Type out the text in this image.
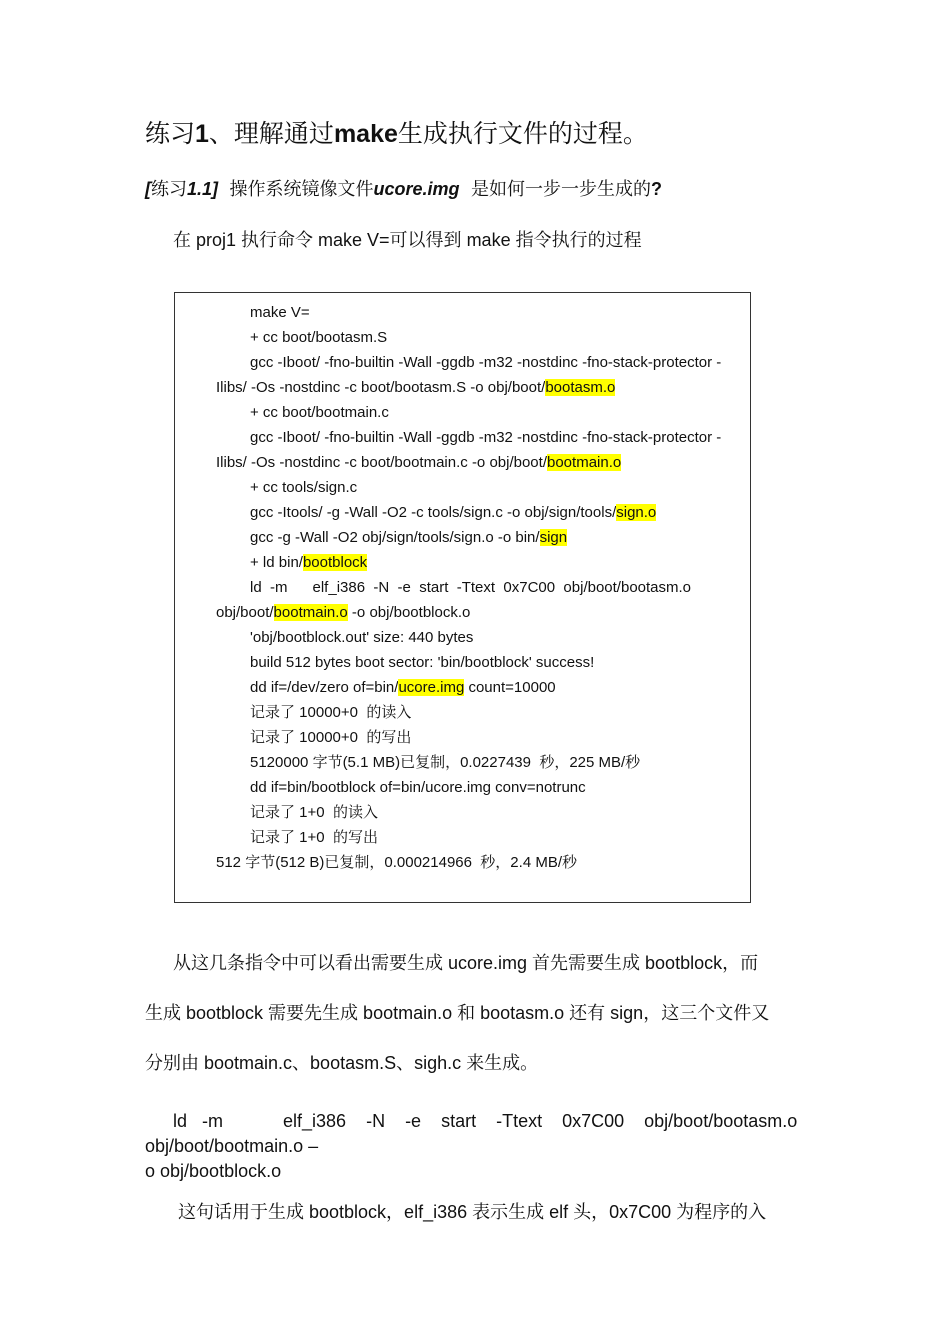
练习1、理解通过make生成执行文件的过程。
[练习1.1] 操作系统镜像文件ucore.img 是如何一步一步生成的?
在 proj1 执行命令 make V=可以得到 make 指令执行的过程
make V=
+ cc boot/bootasm.S
gcc -Iboot/ -fno-builtin -Wall -ggdb -m32 -nostdinc -fno-stack-protector -
Ilibs/ -Os -nostdinc -c boot/bootasm.S -o obj/boot/bootasm.o
+ cc boot/bootmain.c
gcc -Iboot/ -fno-builtin -Wall -ggdb -m32 -nostdinc -fno-stack-protector -
Ilibs/ -Os -nostdinc -c boot/bootmain.c -o obj/boot/bootmain.o
+ cc tools/sign.c
gcc -Itools/ -g -Wall -O2 -c tools/sign.c -o obj/sign/tools/sign.o
gcc -g -Wall -O2 obj/sign/tools/sign.o -o bin/sign
+ ld bin/bootblock
ld  -m      elf_i386  -N  -e  start  -Ttext  0x7C00  obj/boot/bootasm.o
obj/boot/bootmain.o -o obj/bootblock.o
'obj/bootblock.out' size: 440 bytes
build 512 bytes boot sector: 'bin/bootblock' success!
dd if=/dev/zero of=bin/ucore.img count=10000
记录了 10000+0  的读入
记录了 10000+0  的写出
5120000 字节(5.1 MB)已复制，0.0227439  秒，225 MB/秒
dd if=bin/bootblock of=bin/ucore.img conv=notrunc
记录了 1+0  的读入
记录了 1+0  的写出
512 字节(512 B)已复制，0.000214966  秒，2.4 MB/秒
从这几条指令中可以看出需要生成 ucore.img 首先需要生成 bootblock，而
生成 bootblock 需要先生成 bootmain.o 和 bootasm.o 还有 sign，这三个文件又
分别由 bootmain.c、bootasm.S、sigh.c 来生成。
ld   -m            elf_i386    -N    -e    start    -Ttext    0x7C00    obj/boot/bootasm.o
obj/boot/bootmain.o –
o obj/bootblock.o
这句话用于生成 bootblock，elf_i386 表示生成 elf 头，0x7C00 为程序的入
